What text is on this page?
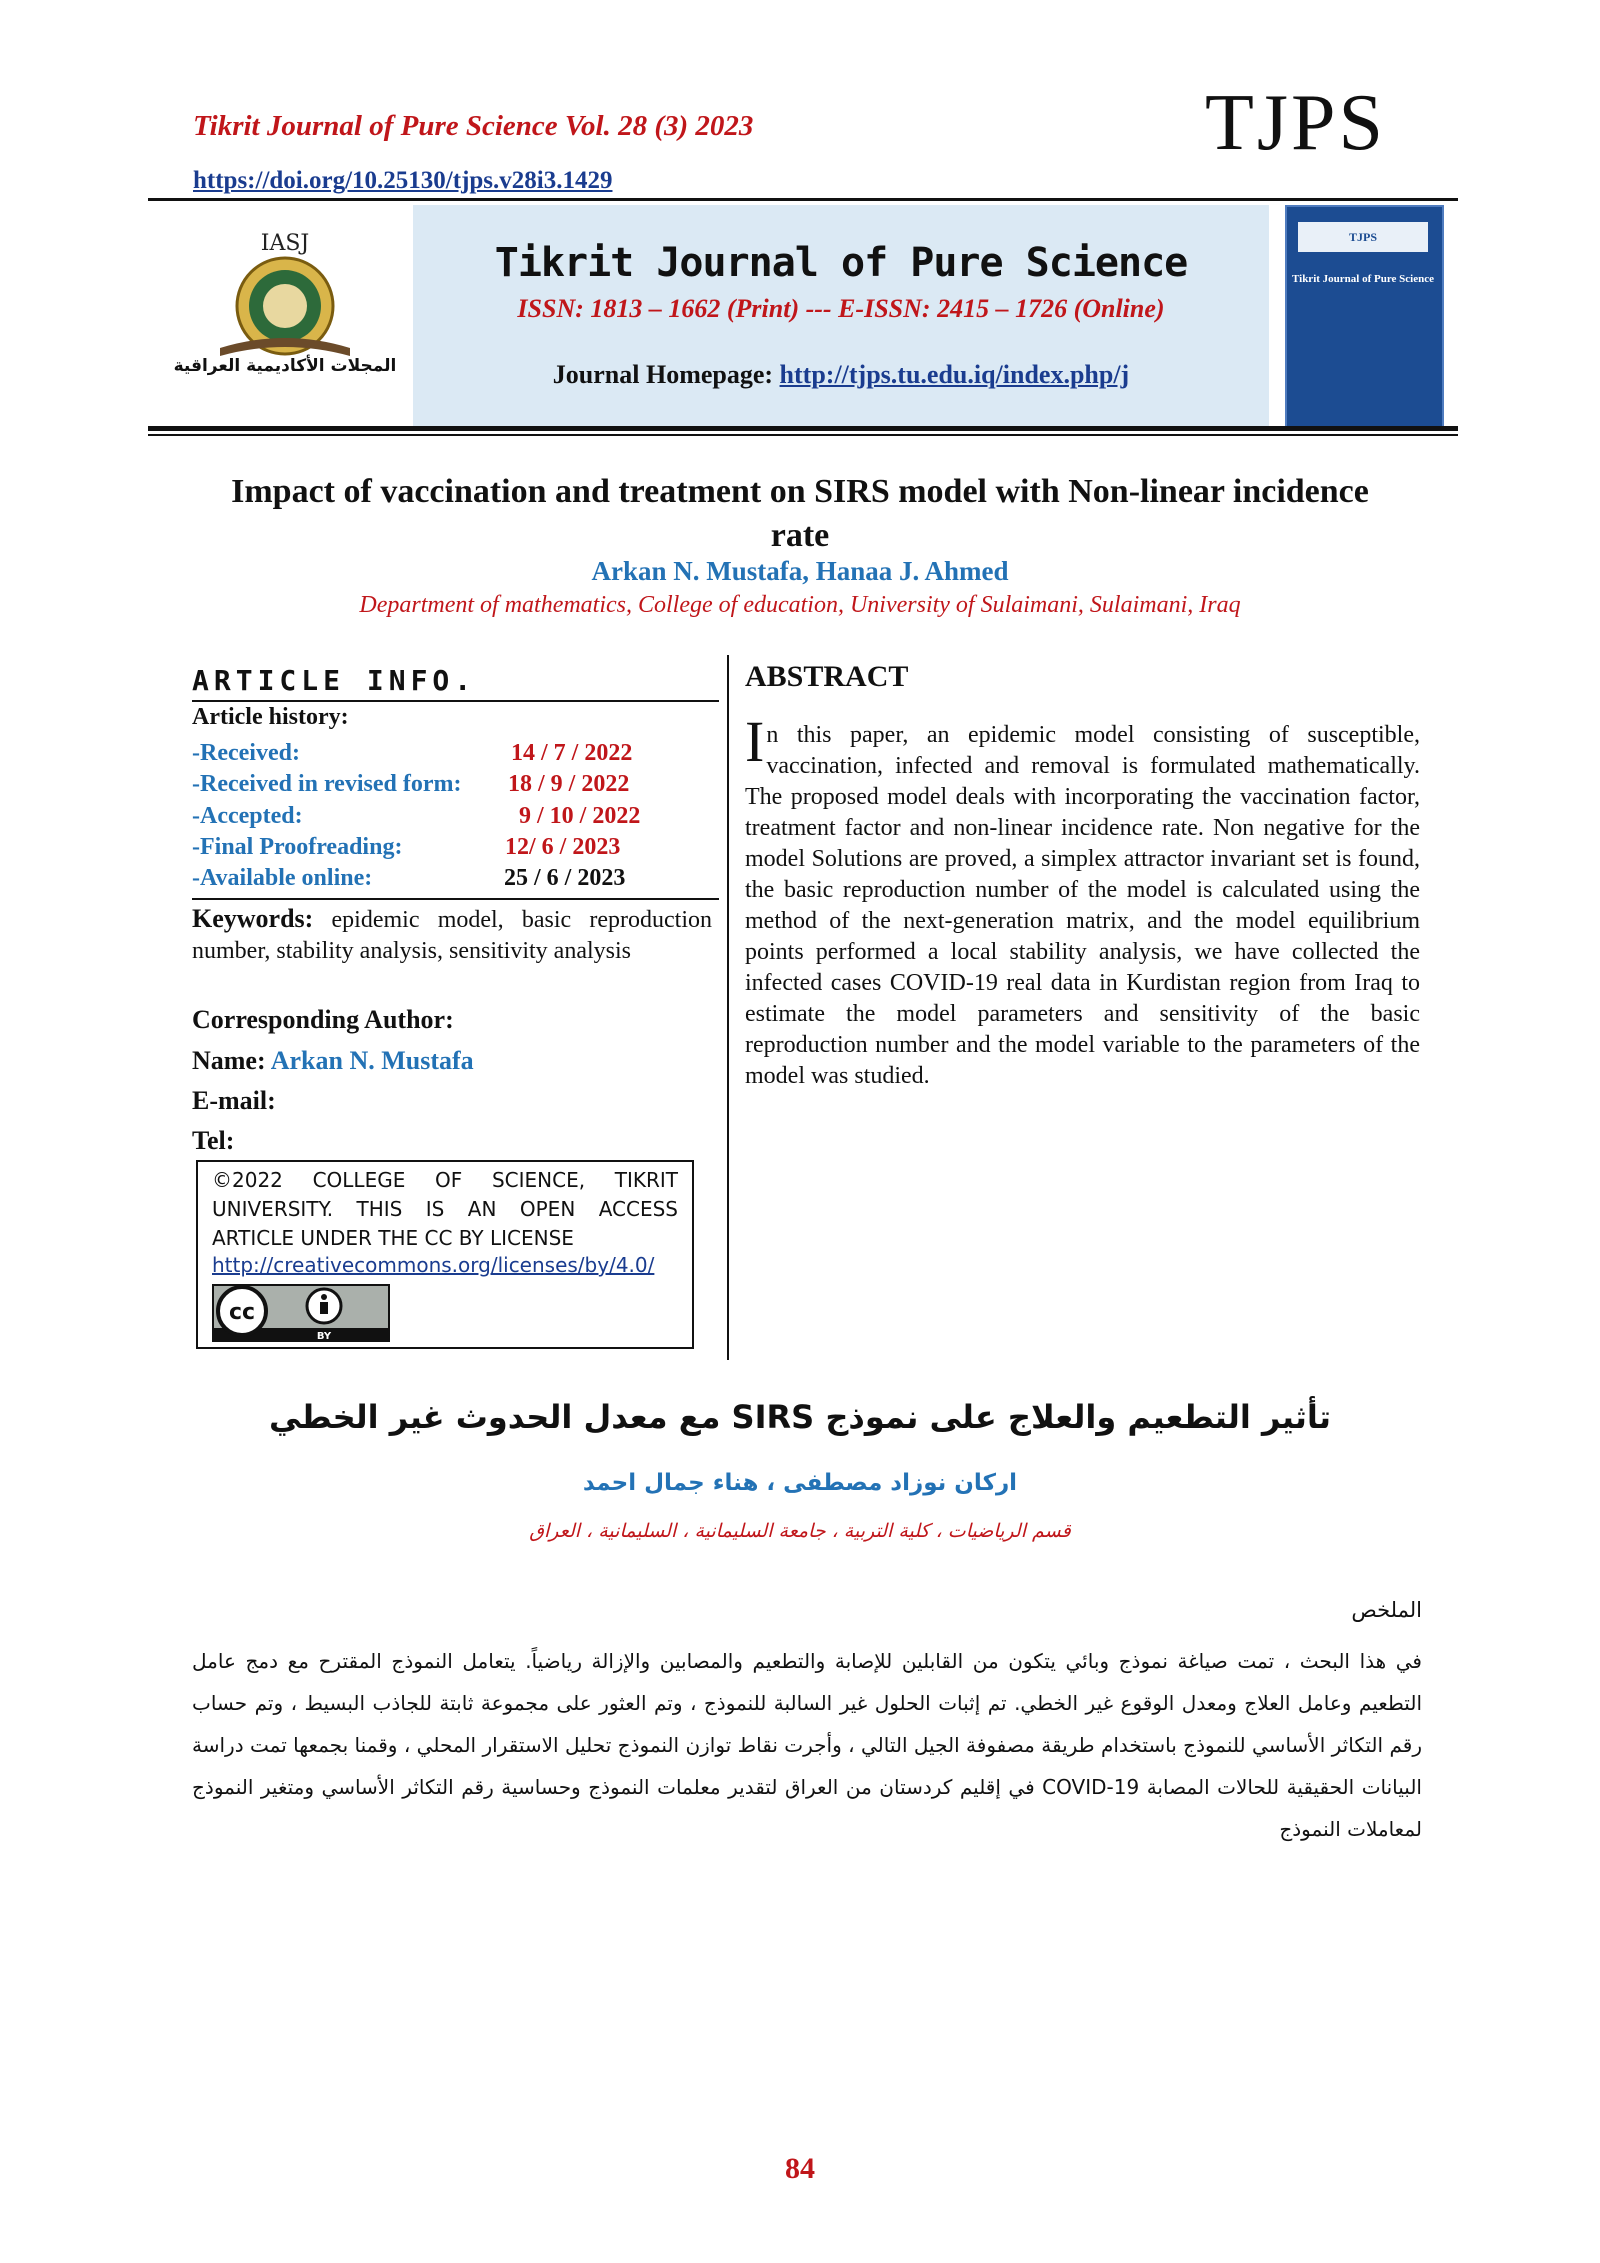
Tikrit Journal of Pure Science Vol. 28 (3) 2023
https://doi.org/10.25130/tjps.v28i3.1429
TJPS
IASJ
المجلات الأكاديمية العراقية
Tikrit Journal of Pure Science
ISSN: 1813 – 1662 (Print) --- E-ISSN: 2415 – 1726 (Online)
Journal Homepage: http://tjps.tu.edu.iq/index.php/j
TJPS
Tikrit Journal of Pure Science
Impact of vaccination and treatment on SIRS model with Non-linear incidence rate
Arkan N. Mustafa, Hanaa J. Ahmed
Department of mathematics, College of education, University of Sulaimani, Sulaimani, Iraq
ARTICLE INFO.
Article history:
-Received:	14 / 7 / 2022
-Received in revised form: 18 / 9 / 2022
-Accepted:	9 / 10 / 2022
-Final Proofreading:	12/ 6 / 2023
-Available online:	25 / 6 / 2023
Keywords: epidemic model, basic reproduction number, stability analysis, sensitivity analysis
Corresponding Author:
Name: Arkan N. Mustafa
E-mail:
Tel:
©2022 COLLEGE OF SCIENCE, TIKRIT UNIVERSITY. THIS IS AN OPEN ACCESS ARTICLE UNDER THE CC BY LICENSE
http://creativecommons.org/licenses/by/4.0/
cc
BY
ABSTRACT
In this paper, an epidemic model consisting of susceptible, vaccination, infected and removal is formulated mathematically. The proposed model deals with incorporating the vaccination factor, treatment factor and non-linear incidence rate. Non negative for the model Solutions are proved, a simplex attractor invariant set is found, the basic reproduction number of the model is calculated using the method of the next-generation matrix, and the model equilibrium points performed a local stability analysis, we have collected the infected cases COVID-19 real data in Kurdistan region from Iraq to estimate the model parameters and sensitivity of the basic reproduction number and the model variable to the parameters of the model was studied.
تأثير التطعيم والعلاج على نموذج SIRS مع معدل الحدوث غير الخطي
اركان نوزاد مصطفى ، هناء جمال احمد
قسم الرياضيات ، كلية التربية ، جامعة السليمانية ، السليمانية ، العراق
الملخص
في هذا البحث ، تمت صياغة نموذج وبائي يتكون من القابلين للإصابة والتطعيم والمصابين والإزالة رياضياً. يتعامل النموذج المقترح مع دمج عامل التطعيم وعامل العلاج ومعدل الوقوع غير الخطي. تم إثبات الحلول غير السالبة للنموذج ، وتم العثور على مجموعة ثابتة للجاذب البسيط ، وتم حساب رقم التكاثر الأساسي للنموذج باستخدام طريقة مصفوفة الجيل التالي ، وأجرت نقاط توازن النموذج تحليل الاستقرار المحلي ، وقمنا بجمعها تمت دراسة البيانات الحقيقية للحالات المصابة COVID-19 في إقليم كردستان من العراق لتقدير معلمات النموذج وحساسية رقم التكاثر الأساسي ومتغير النموذج لمعاملات النموذج
84
